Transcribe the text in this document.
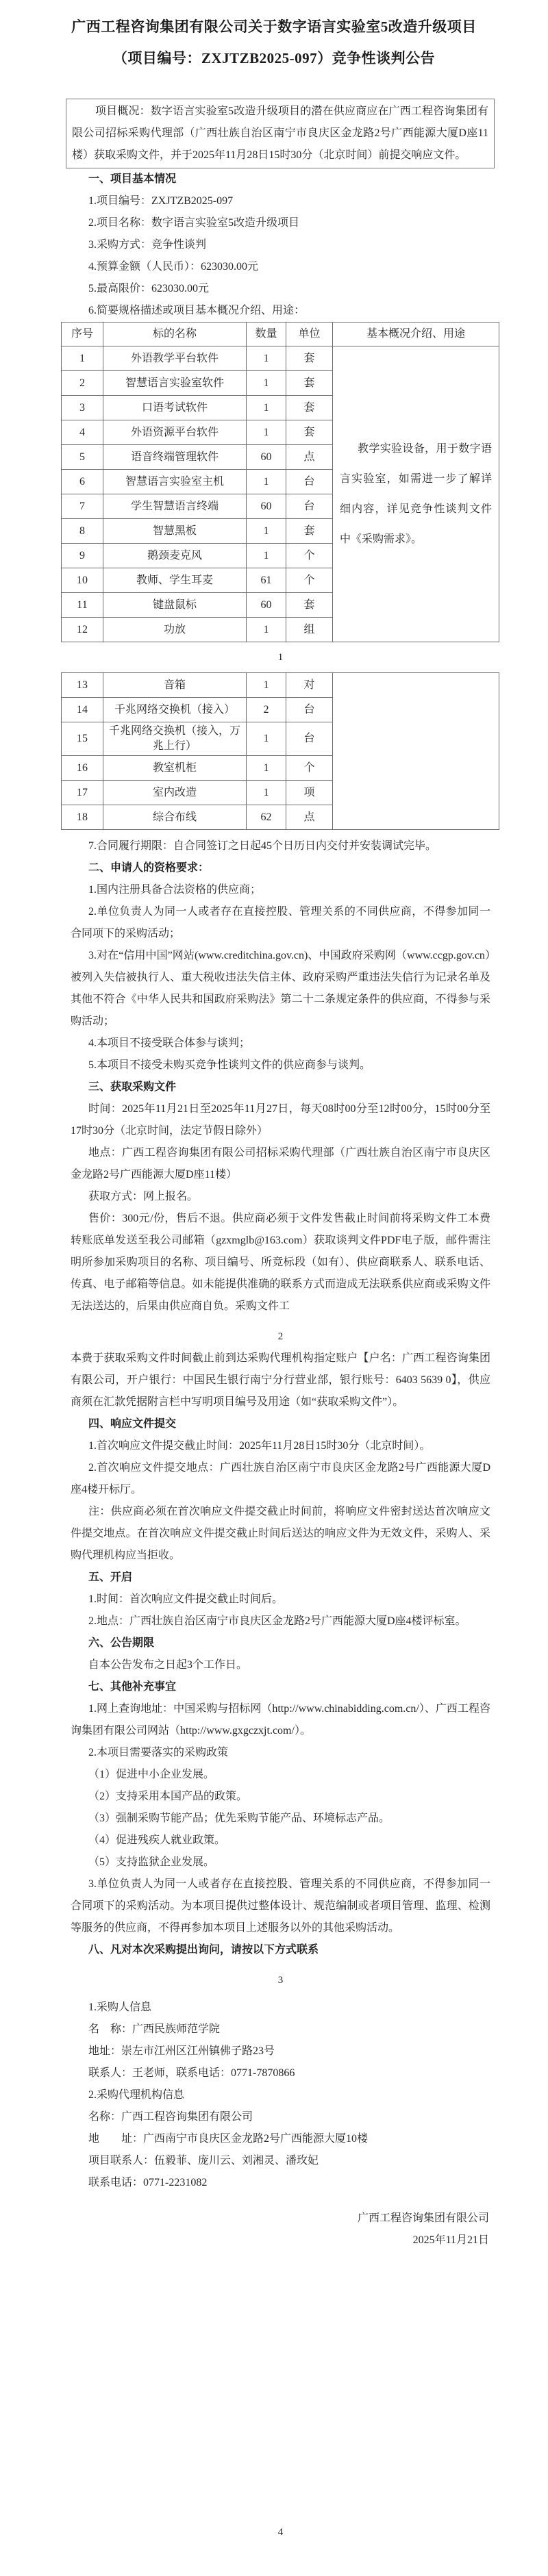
广西工程咨询集团有限公司关于数字语言实验室5改造升级项目
（项目编号：ZXJTZB2025-097）竞争性谈判公告

项目概况：数字语言实验室5改造升级项目的潜在供应商应在广西工程咨询集团有限公司招标采购代理部（广西壮族自治区南宁市良庆区金龙路2号广西能源大厦D座11楼）获取采购文件，并于2025年11月28日15时30分（北京时间）前提交响应文件。

一、项目基本情况

1.项目编号：ZXJTZB2025-097

2.项目名称：数字语言实验室5改造升级项目

3.采购方式：竞争性谈判

4.预算金额（人民币）：623030.00元

5.最高限价：623030.00元

6.简要规格描述或项目基本概况介绍、用途：

序号	标的名称	数量	单位	基本概况介绍、用途
1	外语教学平台软件	1	套	教学实验设备，用于数字语言实验室，如需进一步了解详细内容，详见竞争性谈判文件中《采购需求》。

2	智慧语言实验室软件	1	套	
3	口语考试软件	1	套	
4	外语资源平台软件	1	套	
5	语音终端管理软件	60	点	
6	智慧语言实验室主机	1	台	
7	学生智慧语言终端	60	台	
8	智慧黑板	1	套	
9	鹅颈麦克风	1	个	
10	教师、学生耳麦	61	个	
11	键盘鼠标	60	套	
12	功放	1	组	

1

13	音箱	1	对	
14	千兆网络交换机（接入）	2	台	
15	千兆网络交换机（接入，万兆上行）	1	台	
16	教室机柜	1	个	
17	室内改造	1	项	
18	综合布线	62	点	

7.合同履行期限：自合同签订之日起45个日历日内交付并安装调试完毕。

二、申请人的资格要求：

1.国内注册具备合法资格的供应商；

2.单位负责人为同一人或者存在直接控股、管理关系的不同供应商，不得参加同一合同项下的采购活动；

3.对在“信用中国”网站(www.creditchina.gov.cn)、中国政府采购网（www.ccgp.gov.cn）被列入失信被执行人、重大税收违法失信主体、政府采购严重违法失信行为记录名单及其他不符合《中华人民共和国政府采购法》第二十二条规定条件的供应商，不得参与采购活动；

4.本项目不接受联合体参与谈判；

5.本项目不接受未购买竞争性谈判文件的供应商参与谈判。

三、获取采购文件

时间：2025年11月21日至2025年11月27日，每天08时00分至12时00分，15时00分至17时30分（北京时间，法定节假日除外）

地点：广西工程咨询集团有限公司招标采购代理部（广西壮族自治区南宁市良庆区金龙路2号广西能源大厦D座11楼）

获取方式：网上报名。

售价：300元/份，售后不退。供应商必须于文件发售截止时间前将采购文件工本费转账底单发送至我公司邮箱（gzxmglb@163.com）获取谈判文件PDF电子版，邮件需注明所参加采购项目的名称、项目编号、所竞标段（如有）、供应商联系人、联系电话、传真、电子邮箱等信息。如未能提供准确的联系方式而造成无法联系供应商或采购文件无法送达的，后果由供应商自负。采购文件工

2

本费于获取采购文件时间截止前到达采购代理机构指定账户【户名：广西工程咨询集团有限公司，开户银行：中国民生银行南宁分行营业部，银行账号：6403 5639 0】，供应商须在汇款凭据附言栏中写明项目编号及用途（如“获取采购文件”）。

四、响应文件提交

1.首次响应文件提交截止时间：2025年11月28日15时30分（北京时间）。

2.首次响应文件提交地点：广西壮族自治区南宁市良庆区金龙路2号广西能源大厦D座4楼开标厅。

注：供应商必须在首次响应文件提交截止时间前，将响应文件密封送达首次响应文件提交地点。在首次响应文件提交截止时间后送达的响应文件为无效文件，采购人、采购代理机构应当拒收。

五、开启

1.时间：首次响应文件提交截止时间后。

2.地点：广西壮族自治区南宁市良庆区金龙路2号广西能源大厦D座4楼评标室。

六、公告期限

自本公告发布之日起3个工作日。

七、其他补充事宜

1.网上查询地址：中国采购与招标网（http://www.chinabidding.com.cn/）、广西工程咨询集团有限公司网站（http://www.gxgczxjt.com/）。

2.本项目需要落实的采购政策

（1）促进中小企业发展。

（2）支持采用本国产品的政策。

（3）强制采购节能产品；优先采购节能产品、环境标志产品。

（4）促进残疾人就业政策。

（5）支持监狱企业发展。

3.单位负责人为同一人或者存在直接控股、管理关系的不同供应商，不得参加同一合同项下的采购活动。为本项目提供过整体设计、规范编制或者项目管理、监理、检测等服务的供应商，不得再参加本项目上述服务以外的其他采购活动。

八、凡对本次采购提出询问，请按以下方式联系

3

1.采购人信息

名　称：广西民族师范学院

地址：崇左市江州区江州镇佛子路23号

联系人：王老师，联系电话：0771-7870866

2.采购代理机构信息

名称：广西工程咨询集团有限公司

地　　址：广西南宁市良庆区金龙路2号广西能源大厦10楼

项目联系人：伍毅菲、庞川云、刘湘灵、潘玫妃

联系电话：0771-2231082

广西工程咨询集团有限公司

2025年11月21日

4
